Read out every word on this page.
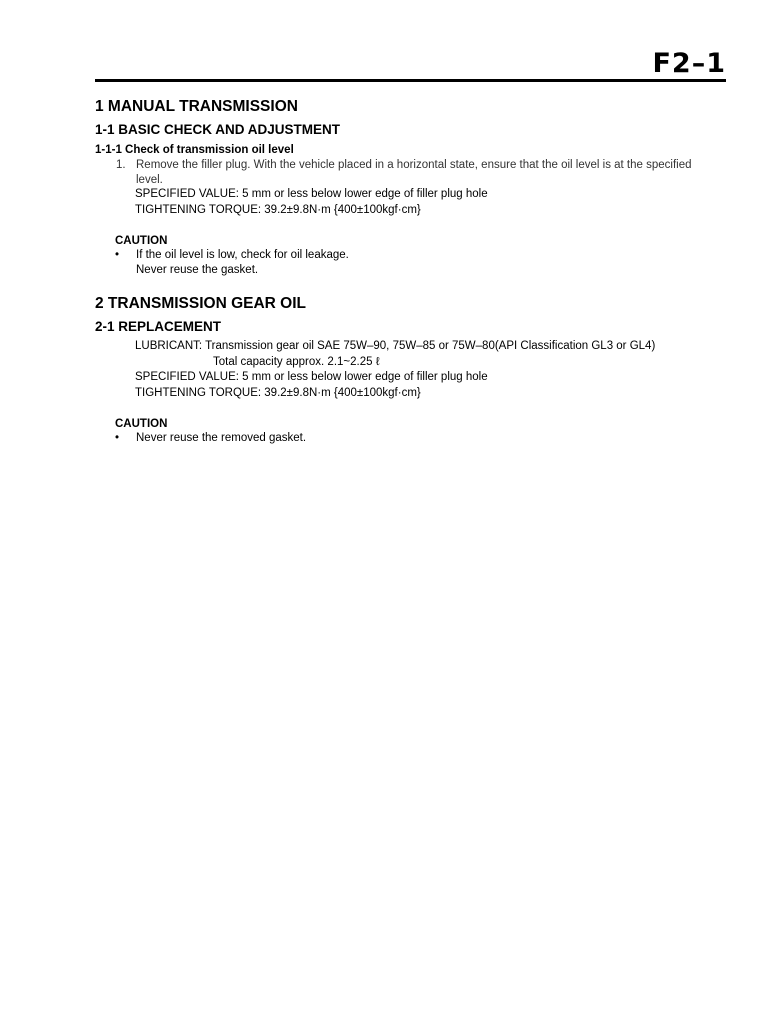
F2–1
1 MANUAL TRANSMISSION
1-1 BASIC CHECK AND ADJUSTMENT
1-1-1 Check of transmission oil level
1. Remove the filler plug. With the vehicle placed in a horizontal state, ensure that the oil level is at the specified
level.
SPECIFIED VALUE: 5 mm or less below lower edge of filler plug hole
TIGHTENING TORQUE: 39.2±9.8N·m {400±100kgf·cm}
CAUTION
• If the oil level is low, check for oil leakage.
Never reuse the gasket.
2 TRANSMISSION GEAR OIL
2-1 REPLACEMENT
LUBRICANT: Transmission gear oil SAE 75W–90, 75W–85 or 75W–80(API Classification GL3 or GL4)
Total capacity approx. 2.1~2.25 ℓ
SPECIFIED VALUE: 5 mm or less below lower edge of filler plug hole
TIGHTENING TORQUE: 39.2±9.8N·m {400±100kgf·cm}
CAUTION
• Never reuse the removed gasket.
